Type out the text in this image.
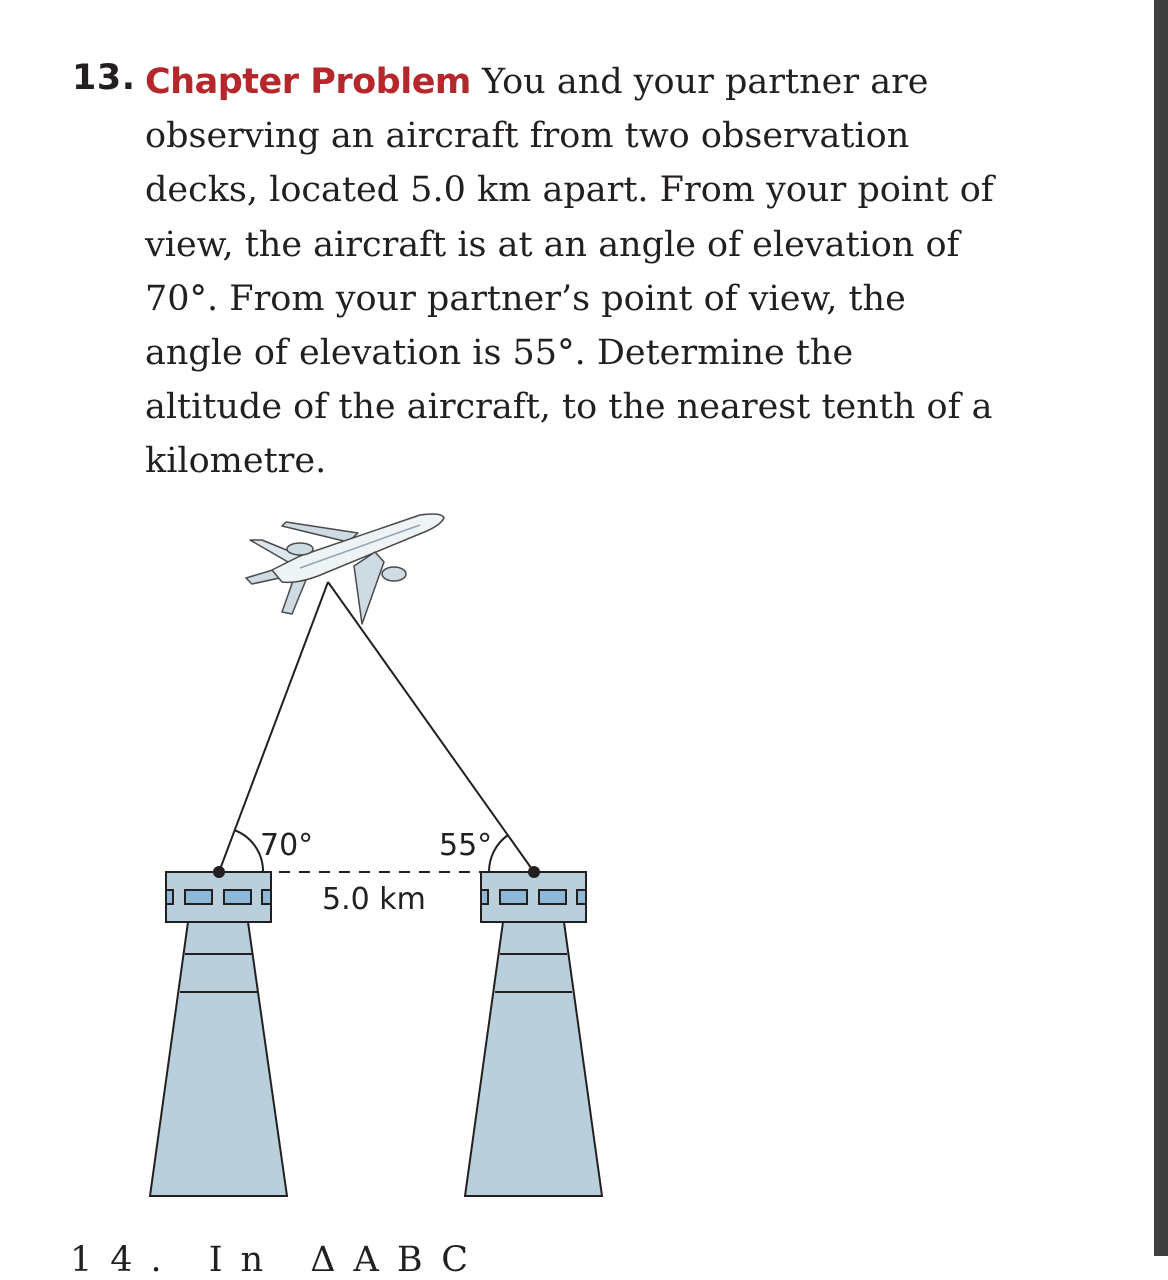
13. Chapter Problem You and your partner are observing an aircraft from two observation decks, located 5.0 km apart. From your point of view, the aircraft is at an angle of elevation of 70°. From your partner’s point of view, the angle of elevation is 55°. Determine the altitude of the aircraft, to the nearest tenth of a kilometre.
70°	55°
5.0 km
14. In ΔABC
